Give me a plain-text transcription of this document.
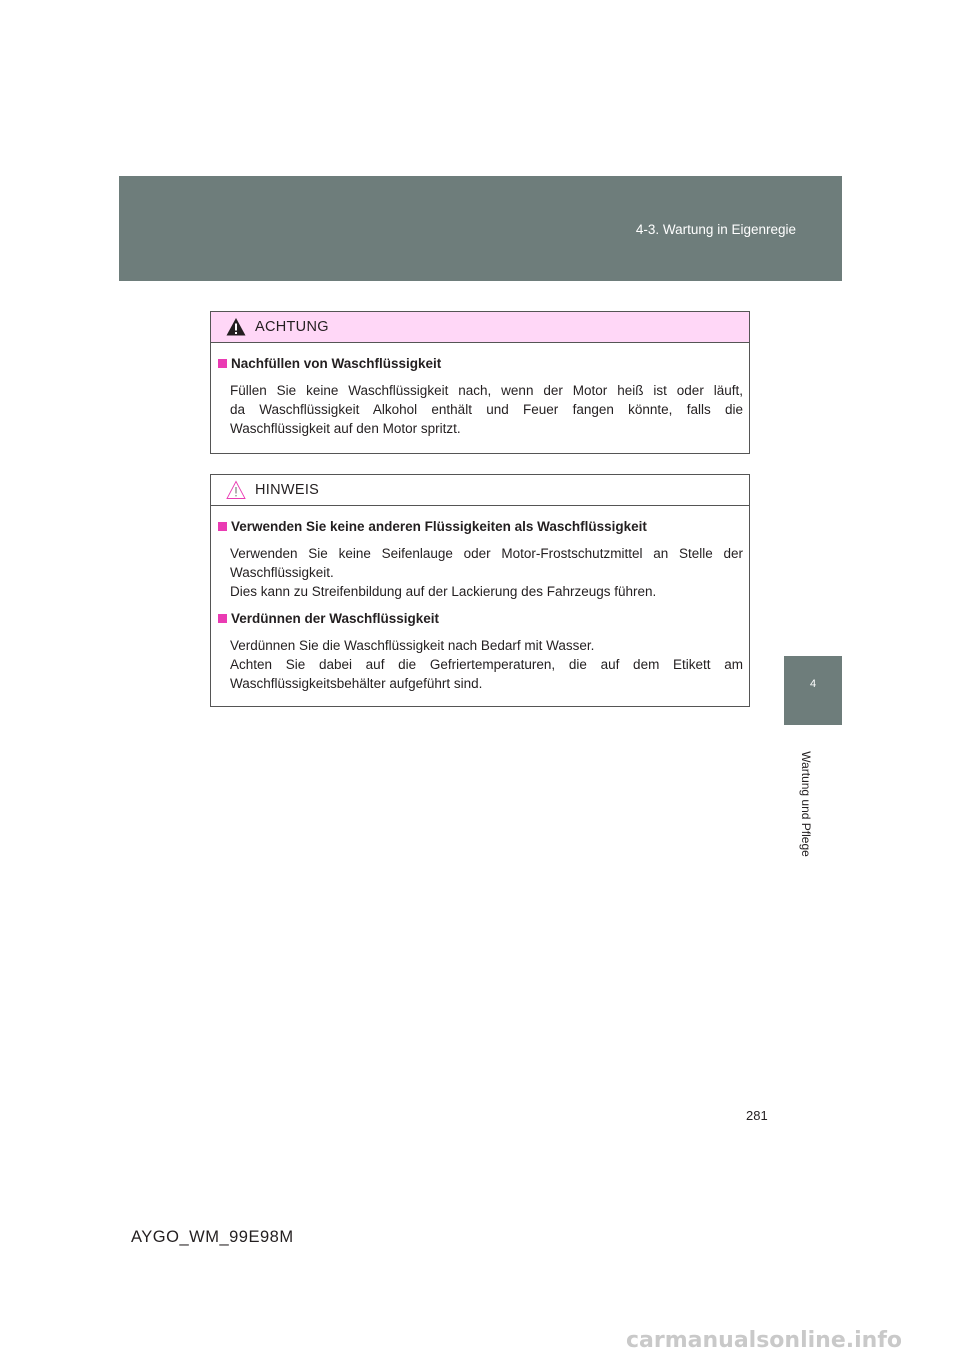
4-3. Wartung in Eigenregie
4
Wartung und Pflege
ACHTUNG
Nachfüllen von Waschflüssigkeit
Füllen Sie keine Waschflüssigkeit nach, wenn der Motor heiß ist oder läuft,
da Waschflüssigkeit Alkohol enthält und Feuer fangen könnte, falls die
Waschflüssigkeit auf den Motor spritzt.
HINWEIS
Verwenden Sie keine anderen Flüssigkeiten als Waschflüssigkeit
Verwenden Sie keine Seifenlauge oder Motor-Frostschutzmittel an Stelle der
Waschflüssigkeit.
Dies kann zu Streifenbildung auf der Lackierung des Fahrzeugs führen.
Verdünnen der Waschflüssigkeit
Verdünnen Sie die Waschflüssigkeit nach Bedarf mit Wasser.
Achten Sie dabei auf die Gefriertemperaturen, die auf dem Etikett am
Waschflüssigkeitsbehälter aufgeführt sind.
281
AYGO_WM_99E98M
carmanualsonline.info
